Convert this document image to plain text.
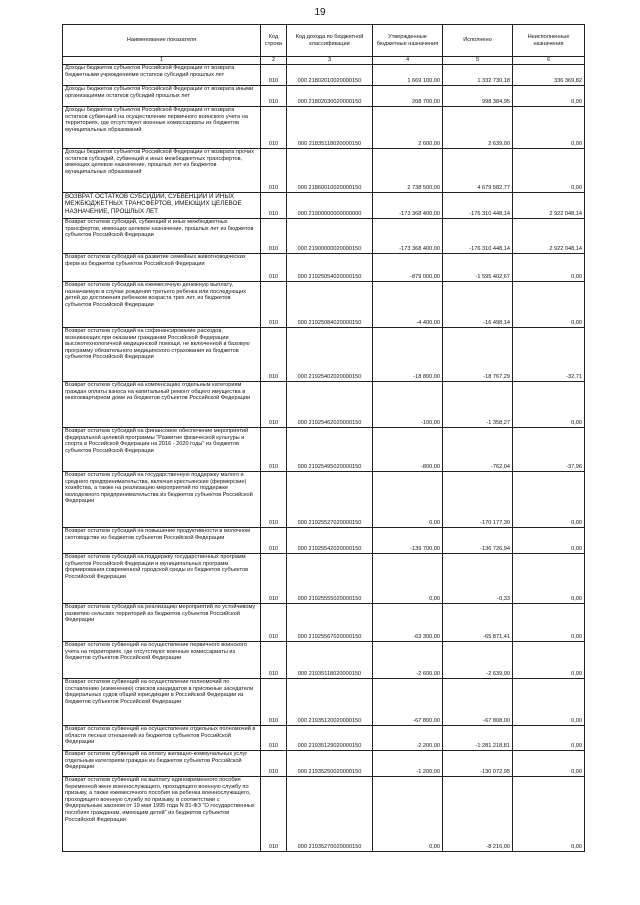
19
Наименование показателя	Код строки	Код дохода по бюджетной классификации	Утвержденные бюджетные назначения	Исполнено	Неисполненные назначения
1	2	3	4	5	6
Доходы бюджетов субъектов Российской Федерации от возврата бюджетными учреждениями остатков субсидий прошлых лет	010	000 21802010020000150	1 669 100,00	1 332 730,18	336 369,82
Доходы бюджетов субъектов Российской Федерации от возврата иными организациями остатков субсидий прошлых лет	010	000 21802030020000150	208 700,00	998 384,95	0,00
Доходы бюджетов субъектов Российской Федерации от возврата остатков субвенций на осуществление первичного воинского учета на территориях, где отсутствуют военные комиссариаты из бюджетов муниципальных образований	010	000 21835118020000150	2 600,00	2 639,00	0,00
Доходы бюджетов субъектов Российской Федерации от возврата прочих остатков субсидий, субвенций и иных межбюджетных трансфертов, имеющих целевое назначение, прошлых лет из бюджетов муниципальных образований	010	000 21860010020000150	2 738 500,00	4 679 582,77	0,00
ВОЗВРАТ ОСТАТКОВ СУБСИДИЙ, СУБВЕНЦИЙ И ИНЫХ МЕЖБЮДЖЕТНЫХ ТРАНСФЕРТОВ, ИМЕЮЩИХ ЦЕЛЕВОЕ НАЗНАЧЕНИЕ, ПРОШЛЫХ ЛЕТ	010	000 21900000000000000	-173 368 400,00	-176 310 448,14	2 922 048,14
Возврат остатков субсидий, субвенций и иных межбюджетных трансфертов, имеющих целевое назначение, прошлых лет из бюджетов субъектов Российской Федерации	010	000 21900000020000150	-173 368 400,00	-176 310 448,14	2 922 048,14
Возврат остатков субсидий на развитие семейных животноводческих ферм из бюджетов субъектов Российской Федерации	010	000 21925054020000150	-879 000,00	-1 595 402,67	0,00
Возврат остатков субсидий на ежемесячную денежную выплату, назначаемую в случае рождения третьего ребенка или последующих детей до достижения ребенком возраста трех лет, из бюджетов субъектов Российской Федерации	010	000 21925084020000150	-4 400,00	-16 498,14	0,00
Возврат остатков субсидий на софинансирование расходов, возникающих при оказании гражданам Российской Федерации высокотехнологичной медицинской помощи, не включенной в базовую программу обязательного медицинского страхования из бюджетов субъектов Российской Федерации	010	000 21925402020000150	-18 800,00	-18 767,29	-32,71
Возврат остатков субсидий на компенсацию отдельным категориям граждан оплаты взноса на капитальный ремонт общего имущества в многоквартирном доме из бюджетов субъектов Российской Федерации	010	000 21925462020000150	-100,00	-1 358,27	0,00
Возврат остатков субсидий на финансовое обеспечение мероприятий федеральной целевой программы "Развитие физической культуры и спорта в Российской Федерации на 2016 - 2020 годы" из бюджетов субъектов Российской Федерации	010	000 21925495020000150	-800,00	-762,04	-37,96
Возврат остатков субсидий на государственную поддержку малого и среднего предпринимательства, включая крестьянские (фермерские) хозяйства, а также на реализацию мероприятий по поддержке молодежного предпринимательства из бюджетов субъектов Российской Федерации	010	000 21925527020000150	0,00	-170 177,30	0,00
Возврат остатков субсидий на повышение продуктивности в молочном скотоводстве из бюджетов субъектов Российской Федерации	010	000 21925542020000150	-139 700,00	-136 726,94	0,00
Возврат остатков субсидий на поддержку государственных программ субъектов Российской Федерации и муниципальных программ формирования современной городской среды из бюджетов субъектов Российской Федерации	010	000 21925555020000150	0,00	-0,33	0,00
Возврат остатков субсидий на реализацию мероприятий по устойчивому развитию сельских территорий из бюджетов субъектов Российской Федерации	010	000 21925567020000150	-63 300,00	-65 871,41	0,00
Возврат остатков субвенций на осуществление первичного воинского учета на территориях, где отсутствуют военные комиссариаты из бюджетов субъектов Российской Федерации	010	000 21935118020000150	-2 600,00	-2 639,00	0,00
Возврат остатков субвенций на осуществление полномочий по составлению (изменению) списков кандидатов в присяжные заседатели федеральных судов общей юрисдикции в Российской Федерации из бюджетов субъектов Российской Федерации	010	000 21935120020000150	-67 800,00	-67 808,00	0,00
Возврат остатков субвенций на осуществление отдельных полномочий в области лесных отношений из бюджетов субъектов Российской Федерации	010	000 21935129020000150	-2 200,00	-1 281 218,81	0,00
Возврат остатков субвенций на оплату жилищно-коммунальных услуг отдельным категориям граждан из бюджетов субъектов Российской Федерации	010	000 21935250020000150	-1 200,00	-130 072,95	0,00
Возврат остатков субвенций на выплату единовременного пособия беременной жене военнослужащего, проходящего военную службу по призыву, а также ежемесячного пособия на ребенка военнослужащего, проходящего военную службу по призыву, в соответствии с Федеральным законом от 19 мая 1995 года N 81-ФЗ "О государственных пособиях гражданам, имеющим детей" из бюджетов субъектов Российской Федерации	010	000 21935270020000150	0,00	-8 216,00	0,00
